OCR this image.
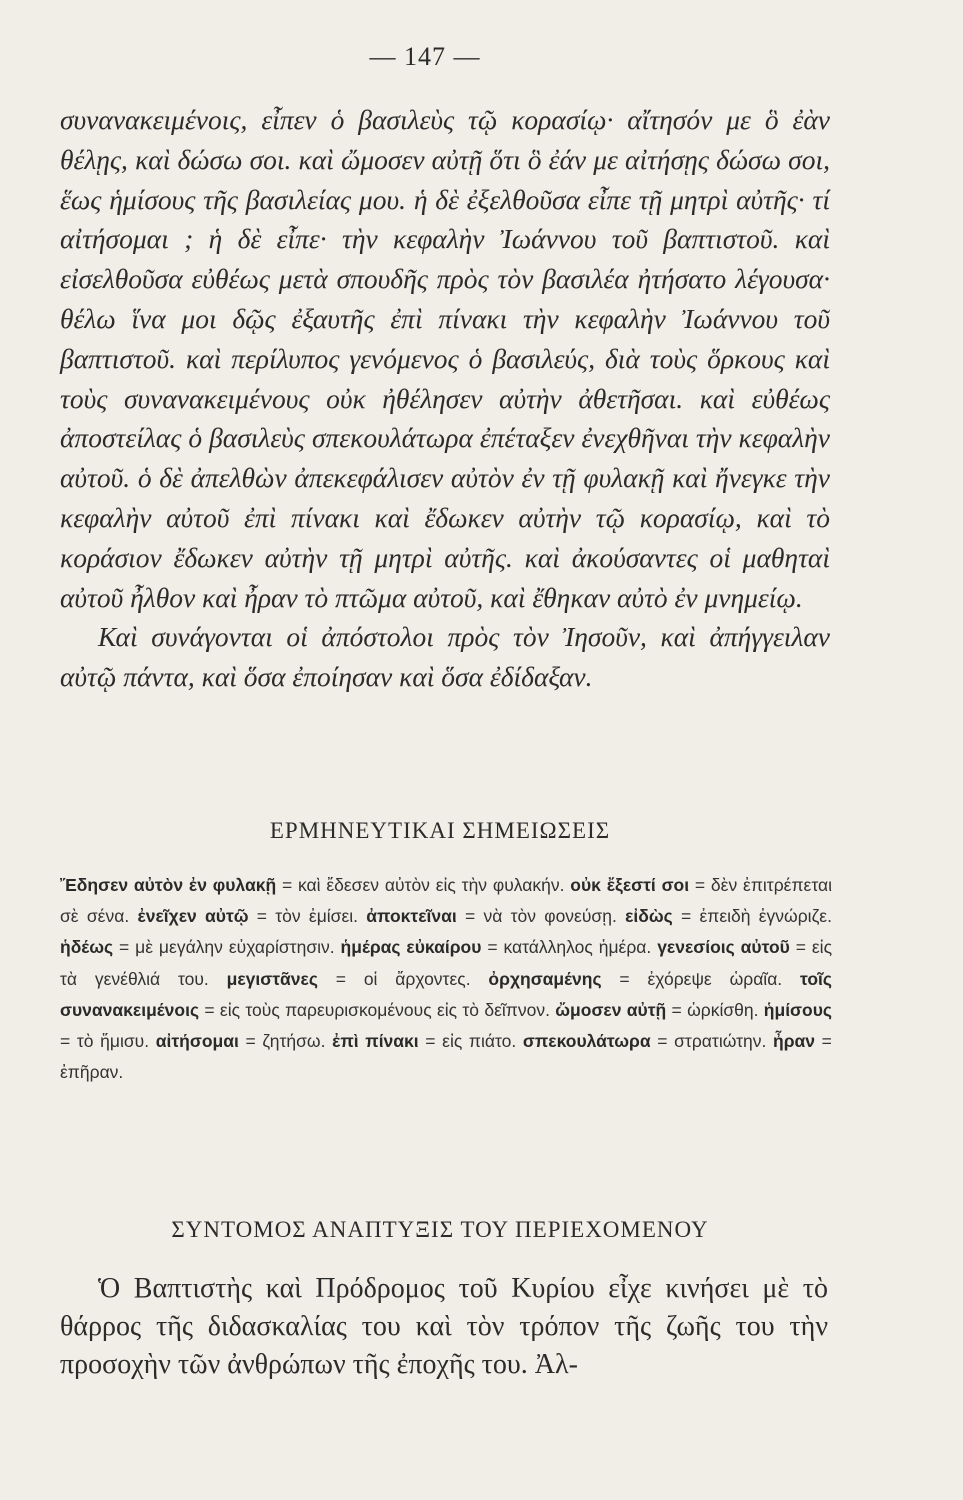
— 147 —

συνανακειμένοις, εἶπεν ὁ βασιλεὺς τῷ κορασίῳ· αἴτησόν με ὃ ἐὰν θέλῃς, καὶ δώσω σοι. καὶ ὤμοσεν αὐτῇ ὅτι ὃ ἐάν με αἰτήσῃς δώσω σοι, ἕως ἡμίσους τῆς βασιλείας μου. ἡ δὲ ἐξελθοῦσα εἶπε τῇ μητρὶ αὐτῆς· τί αἰτήσομαι ; ἡ δὲ εἶπε· τὴν κεφαλὴν Ἰωάννου τοῦ βαπτιστοῦ. καὶ εἰσελθοῦσα εὐθέως μετὰ σπουδῆς πρὸς τὸν βασιλέα ἠτήσατο λέγουσα· θέλω ἵνα μοι δῷς ἐξαυτῆς ἐπὶ πίνακι τὴν κεφαλὴν Ἰωάννου τοῦ βαπτιστοῦ. καὶ περίλυπος γενόμενος ὁ βασιλεύς, διὰ τοὺς ὅρκους καὶ τοὺς συνανακειμένους οὐκ ἠθέλησεν αὐτὴν ἀθετῆσαι. καὶ εὐθέως ἀποστείλας ὁ βασιλεὺς σπεκουλάτωρα ἐπέταξεν ἐνεχθῆναι τὴν κεφαλὴν αὐτοῦ. ὁ δὲ ἀπελθὼν ἀπεκεφάλισεν αὐτὸν ἐν τῇ φυλακῇ καὶ ἤνεγκε τὴν κεφαλὴν αὐτοῦ ἐπὶ πίνακι καὶ ἔδωκεν αὐτὴν τῷ κορασίῳ, καὶ τὸ κοράσιον ἔδωκεν αὐτὴν τῇ μητρὶ αὐτῆς. καὶ ἀκούσαντες οἱ μαθηταὶ αὐτοῦ ἦλθον καὶ ἦραν τὸ πτῶμα αὐτοῦ, καὶ ἔθηκαν αὐτὸ ἐν μνημείῳ.

Καὶ συνάγονται οἱ ἀπόστολοι πρὸς τὸν Ἰησοῦν, καὶ ἀπήγγειλαν αὐτῷ πάντα, καὶ ὅσα ἐποίησαν καὶ ὅσα ἐδίδαξαν.

ΕΡΜΗΝΕΥΤΙΚΑΙ ΣΗΜΕΙΩΣΕΙΣ
Ἔδησεν αὐτὸν ἐν φυλακῇ = καὶ ἔδεσεν αὐτὸν εἰς τὴν φυλακήν. οὐκ ἔξεστί σοι = δὲν ἐπιτρέπεται σὲ σένα. ἐνεῖχεν αὐτῷ = τὸν ἐμίσει. ἀποκτεῖναι = νὰ τὸν φονεύσῃ. εἰδὼς = ἐπειδὴ ἐγνώριζε. ἡδέως = μὲ μεγάλην εὐχαρίστησιν. ἡμέρας εὐκαίρου = κατάλληλος ἡμέρα. γενεσίοις αὐτοῦ = εἰς τὰ γενέθλιά του. μεγιστᾶνες = οἱ ἄρχοντες. ὀρχησαμένης = ἐχόρεψε ὡραῖα. τοῖς συνανακειμένοις = εἰς τοὺς παρευρισκομένους εἰς τὸ δεῖπνον. ὤμοσεν αὐτῇ = ὡρκίσθη. ἡμίσους = τὸ ἥμισυ. αἰτήσομαι = ζητήσω. ἐπὶ πίνακι = εἰς πιάτο. σπεκουλάτωρα = στρατιώτην. ἦραν = ἐπῆραν.
ΣΥΝΤΟΜΟΣ ΑΝΑΠΤΥΞΙΣ ΤΟΥ ΠΕΡΙΕΧΟΜΕΝΟΥ

Ὁ Βαπτιστὴς καὶ Πρόδρομος τοῦ Κυρίου εἶχε κινήσει μὲ τὸ θάρρος τῆς διδασκαλίας του καὶ τὸν τρόπον τῆς ζωῆς του τὴν προσοχὴν τῶν ἀνθρώπων τῆς ἐποχῆς του. Ἀλ-
